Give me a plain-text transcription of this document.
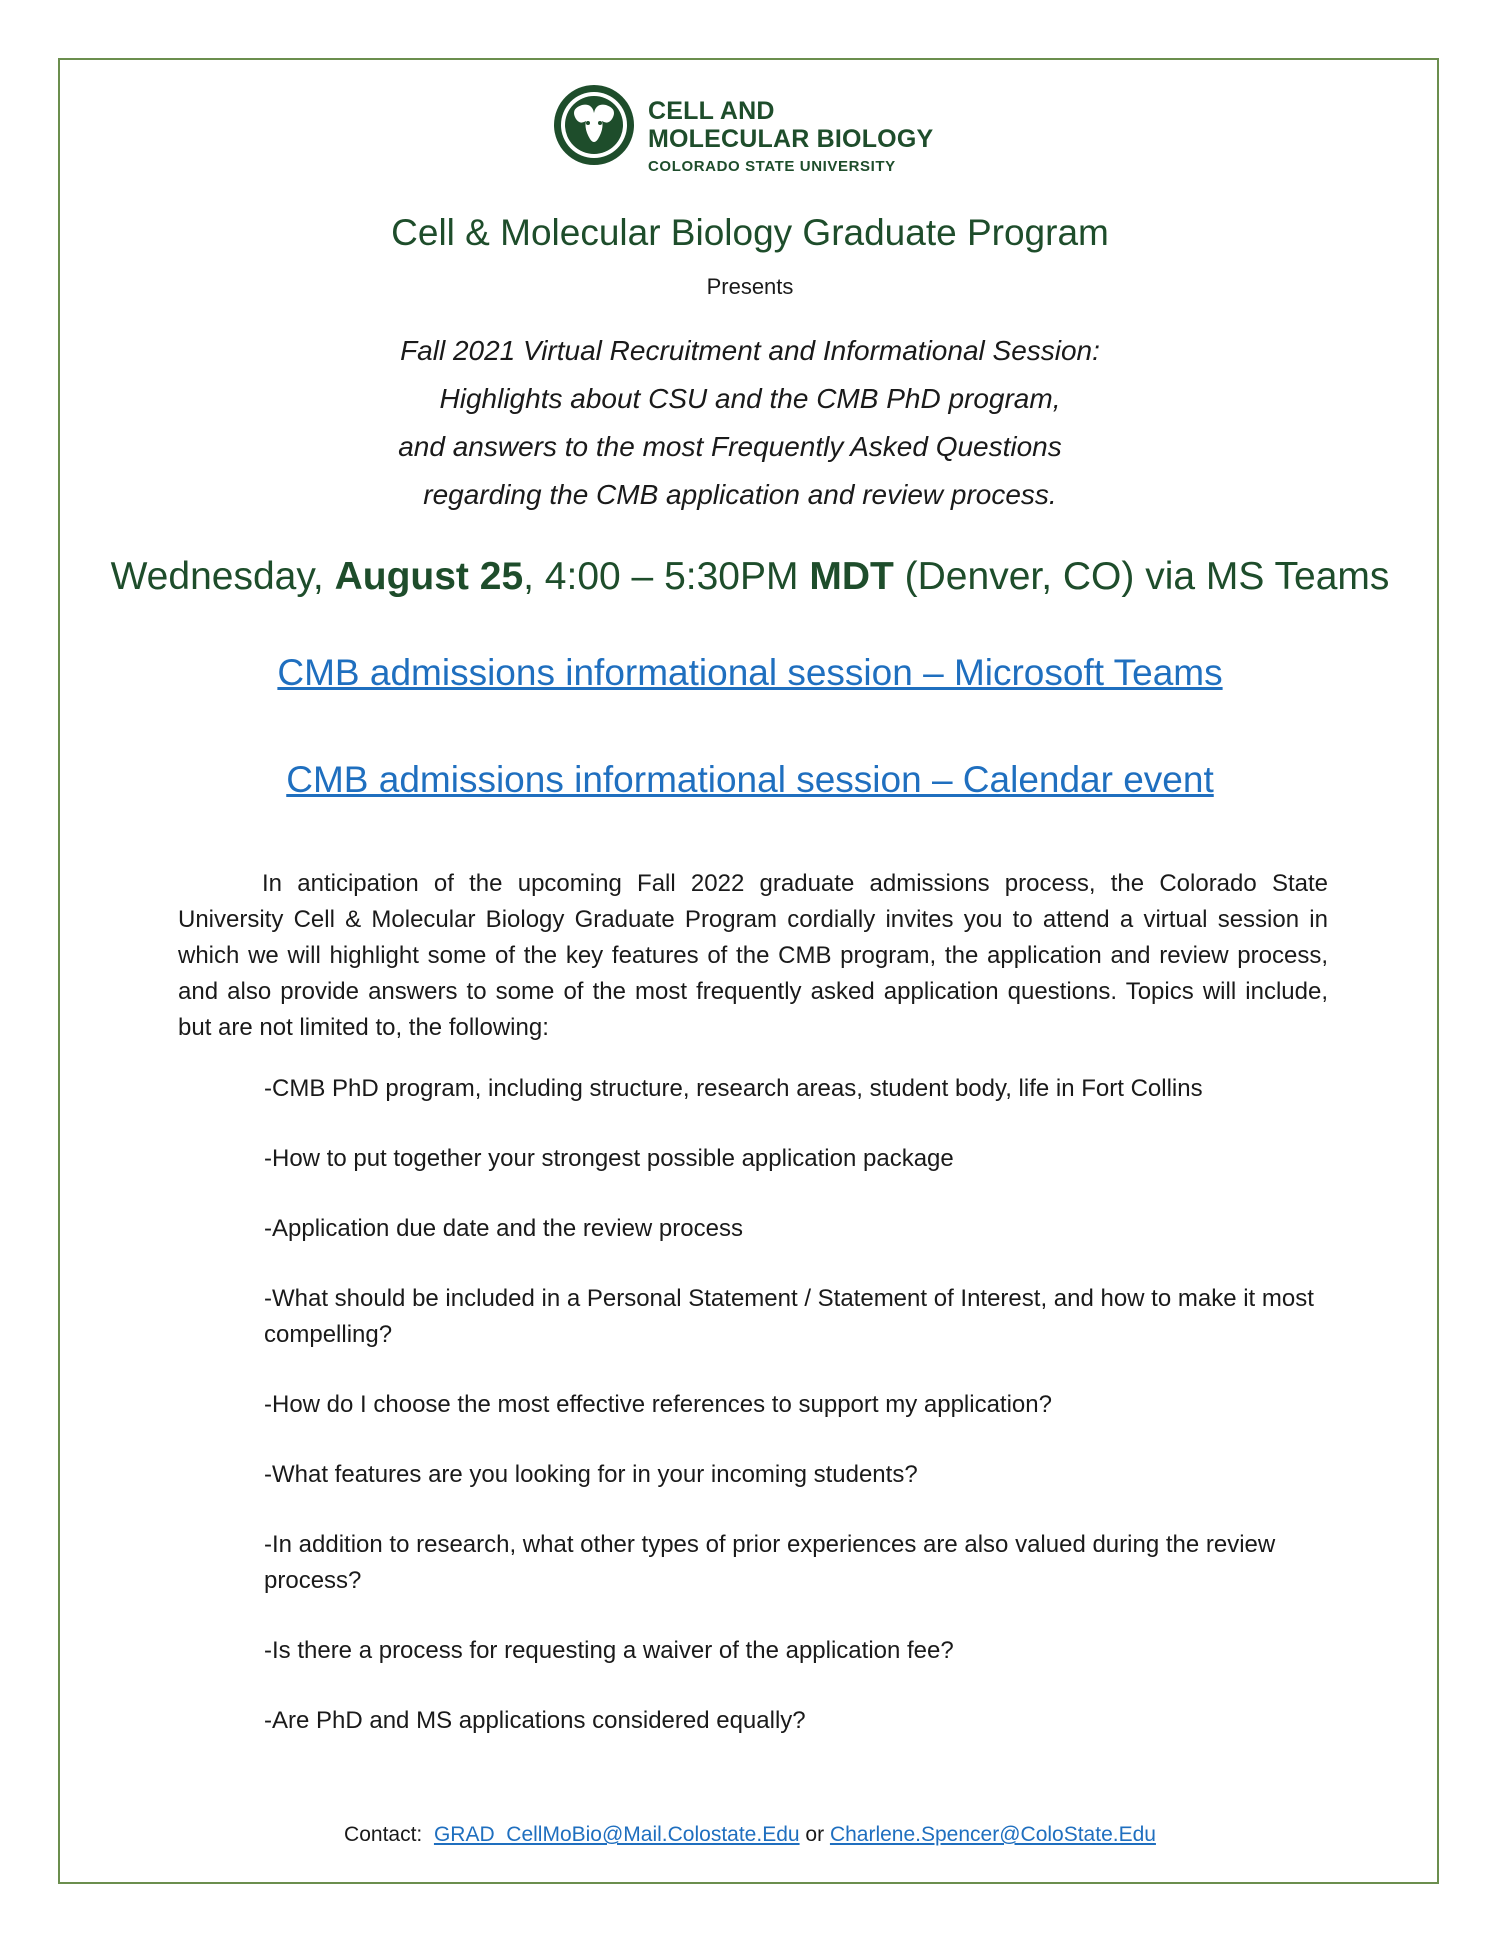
CELL AND
MOLECULAR BIOLOGY
COLORADO STATE UNIVERSITY
Cell & Molecular Biology Graduate Program
Presents
Fall 2021 Virtual Recruitment and Informational Session:
Highlights about CSU and the CMB PhD program,
and answers to the most Frequently Asked Questions
regarding the CMB application and review process.
Wednesday, August 25, 4:00 – 5:30PM MDT (Denver, CO) via MS Teams
CMB admissions informational session – Microsoft Teams
CMB admissions informational session – Calendar event
In anticipation of the upcoming Fall 2022 graduate admissions process, the Colorado State University Cell & Molecular Biology Graduate Program cordially invites you to attend a virtual session in which we will highlight some of the key features of the CMB program, the application and review process, and also provide answers to some of the most frequently asked application questions. Topics will include, but are not limited to, the following:
-CMB PhD program, including structure, research areas, student body, life in Fort Collins
-How to put together your strongest possible application package
-Application due date and the review process
-What should be included in a Personal Statement / Statement of Interest, and how to make it most compelling?
-How do I choose the most effective references to support my application?
-What features are you looking for in your incoming students?
-In addition to research, what other types of prior experiences are also valued during the review process?
-Is there a process for requesting a waiver of the application fee?
-Are PhD and MS applications considered equally?
Contact: GRAD_CellMoBio@Mail.Colostate.Edu or Charlene.Spencer@ColoState.Edu
